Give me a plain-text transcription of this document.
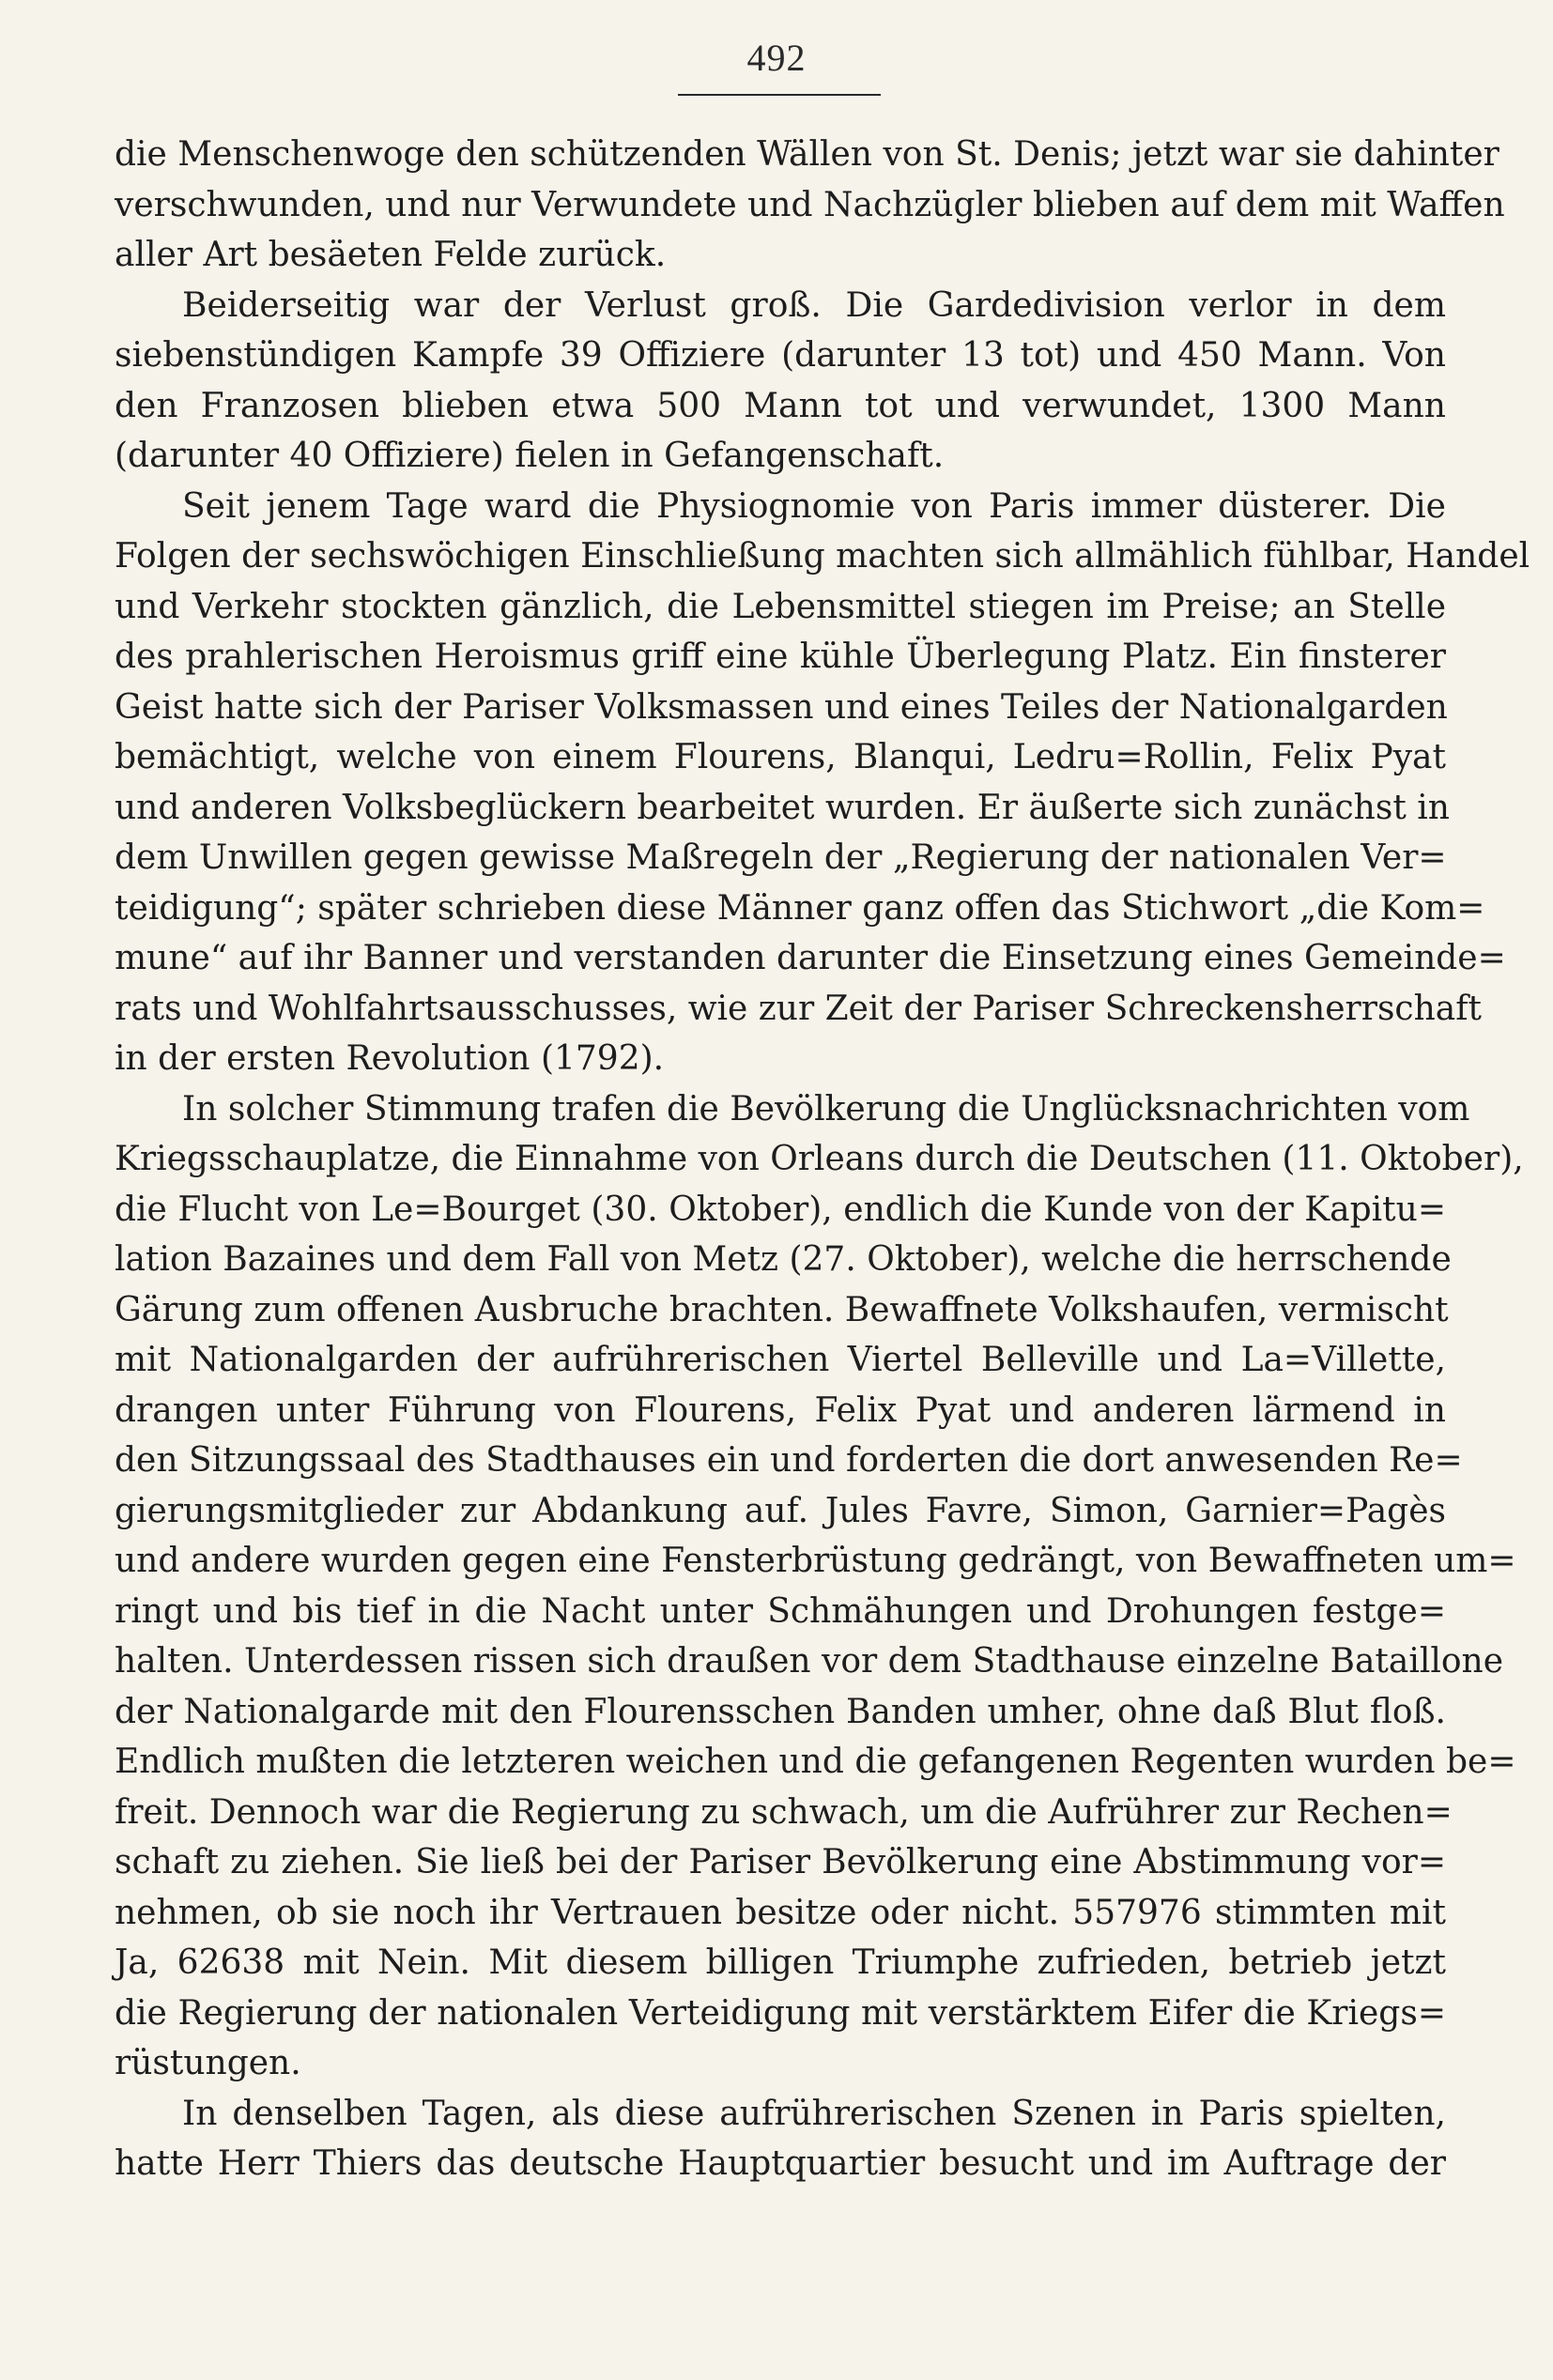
492
die Menschenwoge den schützenden Wällen von St. Denis; jetzt war sie dahinter
verschwunden, und nur Verwundete und Nachzügler blieben auf dem mit Waffen
aller Art besäeten Felde zurück.
Beiderseitig war der Verlust groß. Die Gardedivision verlor in dem
siebenstündigen Kampfe 39 Offiziere (darunter 13 tot) und 450 Mann. Von
den Franzosen blieben etwa 500 Mann tot und verwundet, 1300 Mann
(darunter 40 Offiziere) fielen in Gefangenschaft.
Seit jenem Tage ward die Physiognomie von Paris immer düsterer. Die
Folgen der sechswöchigen Einschließung machten sich allmählich fühlbar, Handel
und Verkehr stockten gänzlich, die Lebensmittel stiegen im Preise; an Stelle
des prahlerischen Heroismus griff eine kühle Überlegung Platz. Ein finsterer
Geist hatte sich der Pariser Volksmassen und eines Teiles der Nationalgarden
bemächtigt, welche von einem Flourens, Blanqui, Ledru=Rollin, Felix Pyat
und anderen Volksbeglückern bearbeitet wurden. Er äußerte sich zunächst in
dem Unwillen gegen gewisse Maßregeln der „Regierung der nationalen Ver=
teidigung“; später schrieben diese Männer ganz offen das Stichwort „die Kom=
mune“ auf ihr Banner und verstanden darunter die Einsetzung eines Gemeinde=
rats und Wohlfahrtsausschusses, wie zur Zeit der Pariser Schreckensherrschaft
in der ersten Revolution (1792).
In solcher Stimmung trafen die Bevölkerung die Unglücksnachrichten vom
Kriegsschauplatze, die Einnahme von Orleans durch die Deutschen (11. Oktober),
die Flucht von Le=Bourget (30. Oktober), endlich die Kunde von der Kapitu=
lation Bazaines und dem Fall von Metz (27. Oktober), welche die herrschende
Gärung zum offenen Ausbruche brachten. Bewaffnete Volkshaufen, vermischt
mit Nationalgarden der aufrührerischen Viertel Belleville und La=Villette,
drangen unter Führung von Flourens, Felix Pyat und anderen lärmend in
den Sitzungssaal des Stadthauses ein und forderten die dort anwesenden Re=
gierungsmitglieder zur Abdankung auf. Jules Favre, Simon, Garnier=Pagès
und andere wurden gegen eine Fensterbrüstung gedrängt, von Bewaffneten um=
ringt und bis tief in die Nacht unter Schmähungen und Drohungen festge=
halten. Unterdessen rissen sich draußen vor dem Stadthause einzelne Bataillone
der Nationalgarde mit den Flourensschen Banden umher, ohne daß Blut floß.
Endlich mußten die letzteren weichen und die gefangenen Regenten wurden be=
freit. Dennoch war die Regierung zu schwach, um die Aufrührer zur Rechen=
schaft zu ziehen. Sie ließ bei der Pariser Bevölkerung eine Abstimmung vor=
nehmen, ob sie noch ihr Vertrauen besitze oder nicht. 557976 stimmten mit
Ja, 62638 mit Nein. Mit diesem billigen Triumphe zufrieden, betrieb jetzt
die Regierung der nationalen Verteidigung mit verstärktem Eifer die Kriegs=
rüstungen.
In denselben Tagen, als diese aufrührerischen Szenen in Paris spielten,
hatte Herr Thiers das deutsche Hauptquartier besucht und im Auftrage der
